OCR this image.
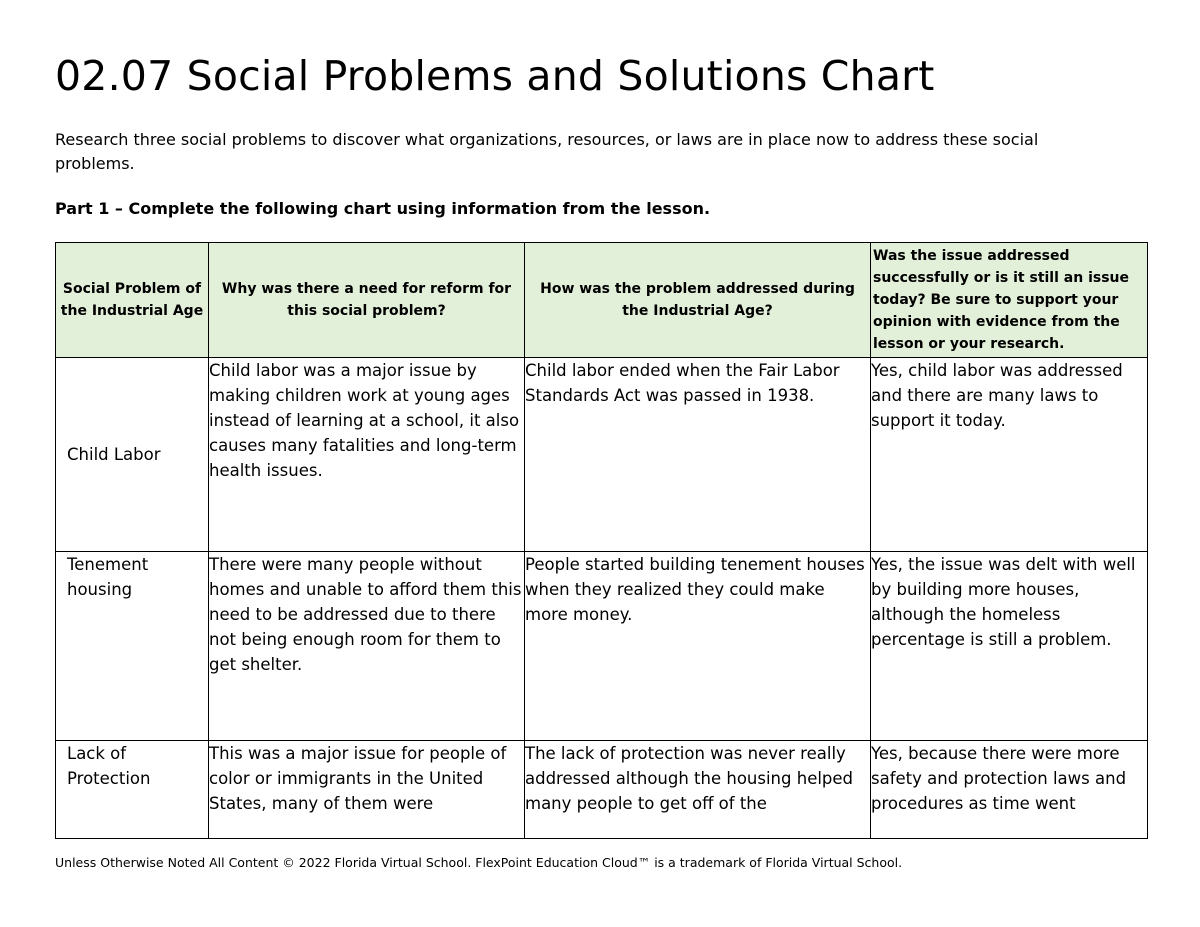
02.07 Social Problems and Solutions Chart
Research three social problems to discover what organizations, resources, or laws are in place now to address these social problems.
Part 1 – Complete the following chart using information from the lesson.
Social Problem of the Industrial Age	Why was there a need for reform for this social problem?	How was the problem addressed during the Industrial Age?	Was the issue addressed successfully or is it still an issue today? Be sure to support your opinion with evidence from the lesson or your research.
Child Labor	Child labor was a major issue by making children work at young ages instead of learning at a school, it also causes many fatalities and long-term health issues.	Child labor ended when the Fair Labor Standards Act was passed in 1938.	Yes, child labor was addressed and there are many laws to support it today.
Tenement housing	There were many people without homes and unable to afford them this need to be addressed due to there not being enough room for them to get shelter.	People started building tenement houses when they realized they could make more money.	Yes, the issue was delt with well by building more houses, although the homeless percentage is still a problem.

Lack of Protection	This was a major issue for people of color or immigrants in the United States, many of them were	The lack of protection was never really addressed although the housing helped many people to get off of the	Yes, because there were more safety and protection laws and procedures as time went
Unless Otherwise Noted All Content © 2022 Florida Virtual School. FlexPoint Education Cloud™ is a trademark of Florida Virtual School.
